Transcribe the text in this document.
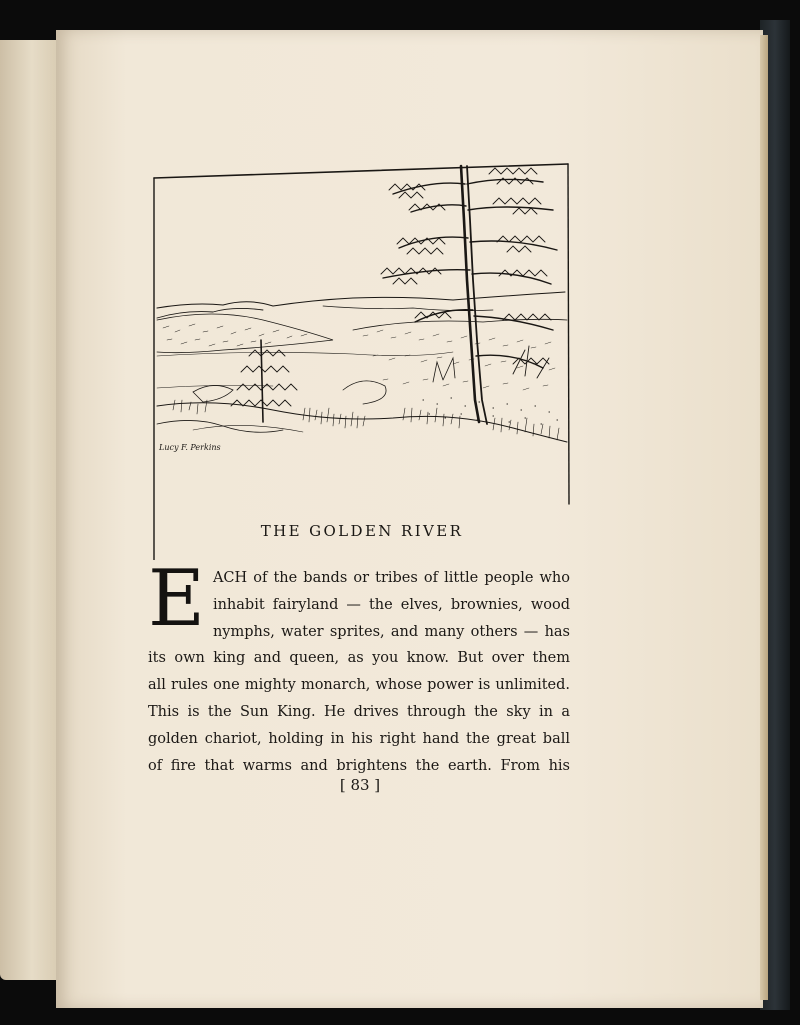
Lucy F. Perkins
THE GOLDEN RIVER
E ACH of the bands or tribes of little people who
inhabit fairyland — the elves, brownies, wood
nymphs, water sprites, and many others — has
its own king and queen, as you know. But over them
all rules one mighty monarch, whose power is unlimited.
This is the Sun King. He drives through the sky in a
golden chariot, holding in his right hand the great ball
of fire that warms and brightens the earth. From his
[ 83 ]
